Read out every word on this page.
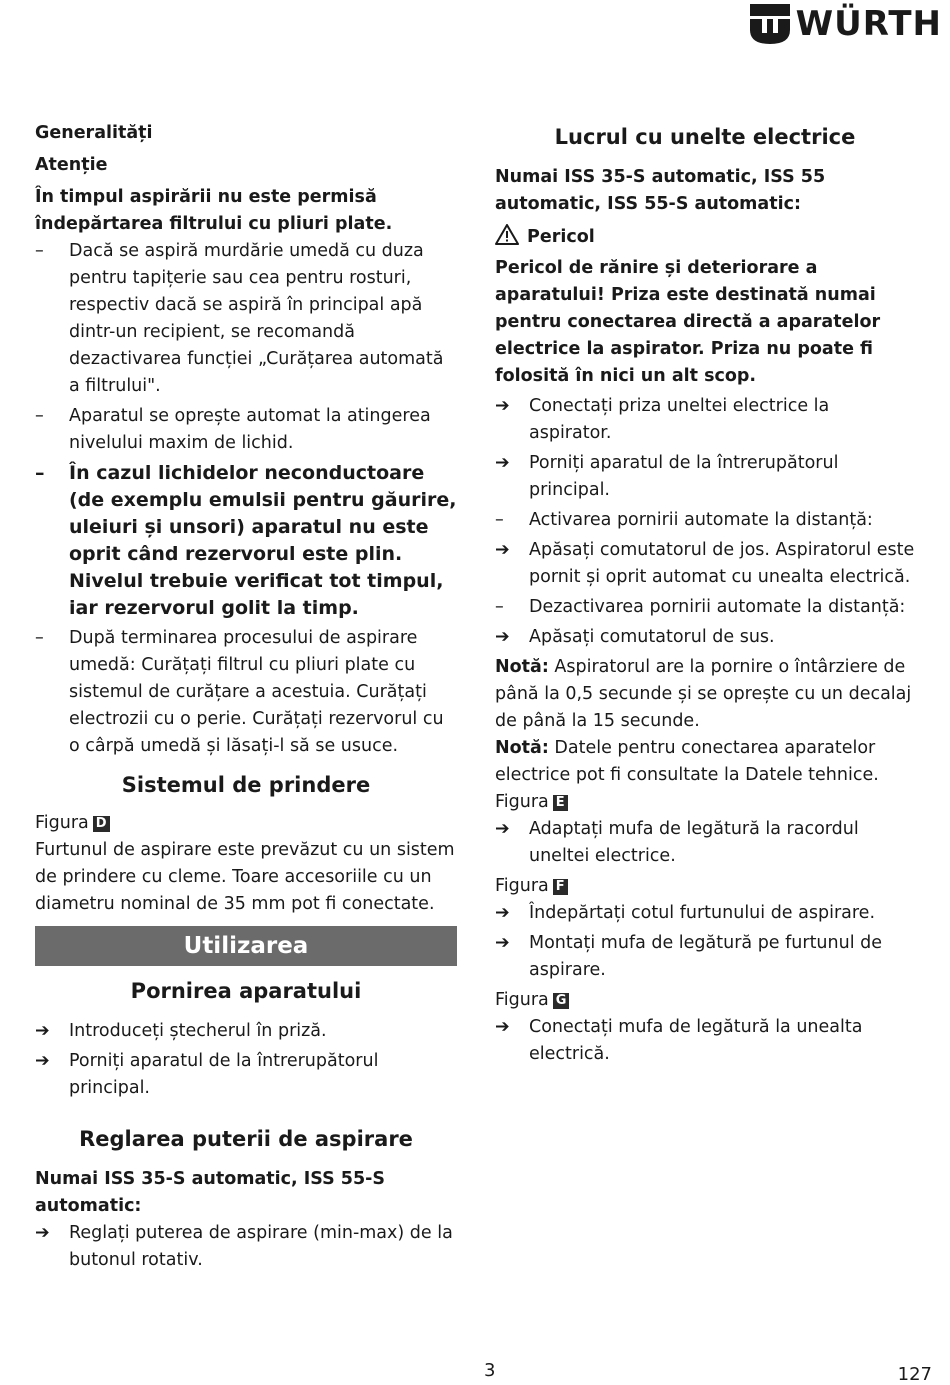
WÜRTH

Generalități

Atenție

În timpul aspirării nu este permisă îndepărtarea filtrului cu pliuri plate.

–	Dacă se aspiră murdărie umedă cu duza pentru tapițerie sau cea pentru rosturi, respectiv dacă se aspiră în principal apă dintr-un recipient, se recomandă dezactivarea funcției „Curățarea automată a filtrului".
–	Aparatul se oprește automat la atingerea nivelului maxim de lichid.
–	În cazul lichidelor neconductoare (de exemplu emulsii pentru găurire, uleiuri și unsori) aparatul nu este oprit când rezervorul este plin. Nivelul trebuie verificat tot timpul, iar rezervorul golit la timp.
–	După terminarea procesului de aspirare umedă: Curățați filtrul cu pliuri plate cu sistemul de curățare a acestuia. Curățați electrozii cu o perie. Curățați rezervorul cu o cârpă umedă și lăsați-l să se usuce.
Sistemul de prindere

Figura D

Furtunul de aspirare este prevăzut cu un sistem de prindere cu cleme. Toare accesoriile cu un diametru nominal de 35 mm pot fi conectate.

Utilizarea
Pornirea aparatului
➔	Introduceți ștecherul în priză.
➔	Porniți aparatul de la întrerupătorul principal.
Reglarea puterii de aspirare

Numai ISS 35-S automatic, ISS 55-S automatic:

➔	Reglați puterea de aspirare (min-max) de la butonul rotativ.
Lucrul cu unelte electrice

Numai ISS 35-S automatic, ISS 55 automatic, ISS 55-S automatic:

Pericol

Pericol de rănire și deteriorare a aparatului! Priza este destinată numai pentru conectarea directă a aparatelor electrice la aspirator. Priza nu poate fi folosită în nici un alt scop.

➔	Conectați priza uneltei electrice la aspirator.
➔	Porniți aparatul de la întrerupătorul principal.
–	Activarea pornirii automate la distanță:
➔	Apăsați comutatorul de jos. Aspiratorul este pornit și oprit automat cu unealta electrică.
–	Dezactivarea pornirii automate la distanță:
➔	Apăsați comutatorul de sus.

Notă: Aspiratorul are la pornire o întârziere de până la 0,5 secunde și se oprește cu un decalaj de până la 15 secunde.

Notă: Datele pentru conectarea aparatelor electrice pot fi consultate la Datele tehnice.

Figura E

➔	Adaptați mufa de legătură la racordul uneltei electrice.

Figura F

➔	Îndepărtați cotul furtunului de aspirare.
➔	Montați mufa de legătură pe furtunul de aspirare.

Figura G

➔	Conectați mufa de legătură la unealta electrică.
3	127
